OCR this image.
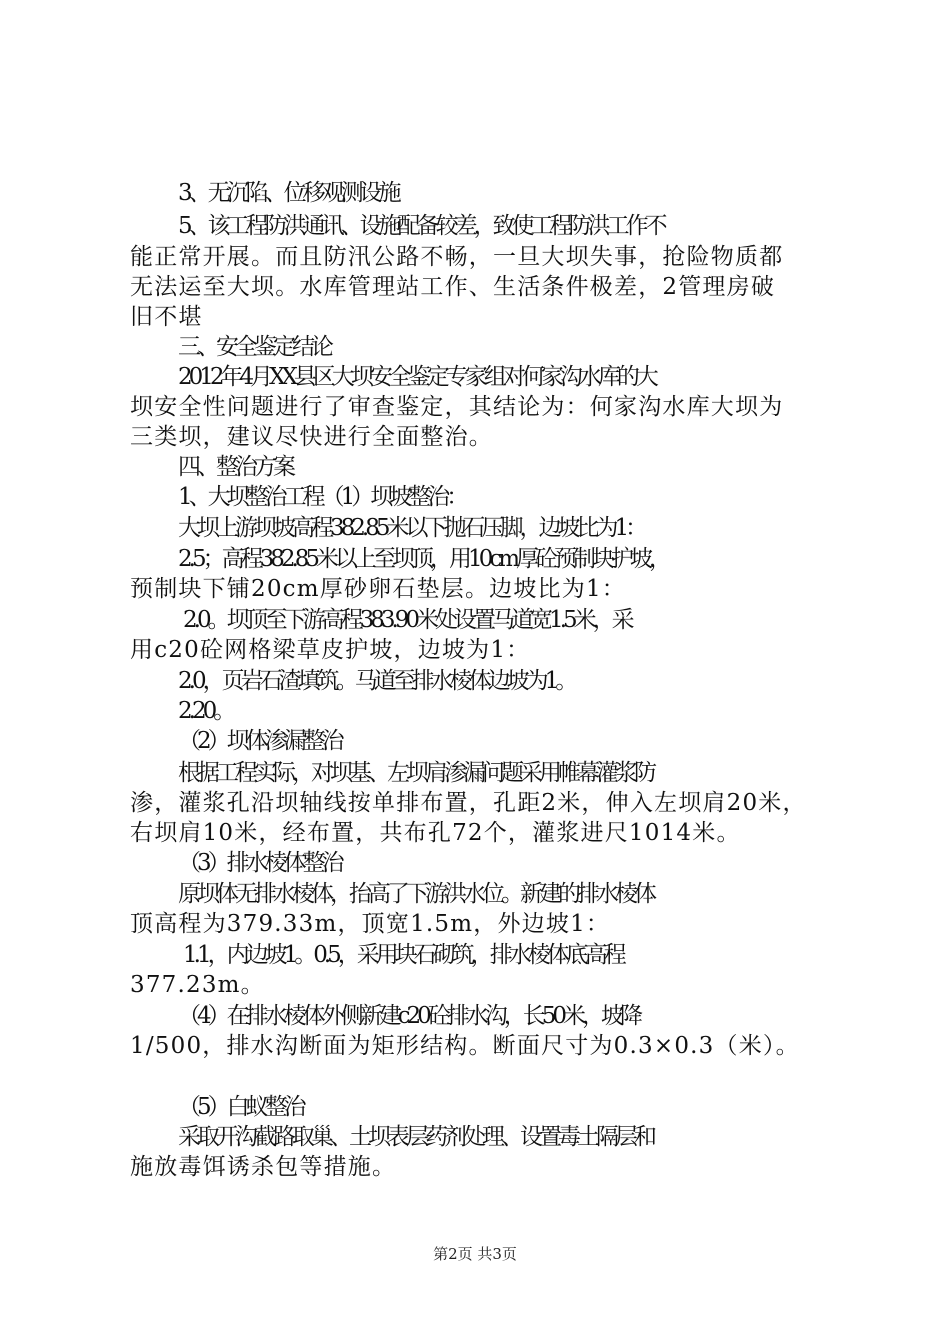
3、无沉陷、位移观测设施
5、该工程防洪通讯、设施配备较差，致使工程防洪工作不
能正常开展。而且防汛公路不畅，一旦大坝失事，抢险物质都
无法运至大坝。水库管理站工作、生活条件极差，2管理房破
旧不堪
三、安全鉴定结论
2012年4月XX县区大坝安全鉴定专家组对何家沟水库的大
坝安全性问题进行了审查鉴定，其结论为：何家沟水库大坝为
三类坝，建议尽快进行全面整治。
四、整治方案
1、大坝整治工程（1）坝坡整治：
大坝上游坝坡高程382.85米以下抛石压脚，边坡比为1：
2.5；高程382.85米以上至坝顶，用10cm厚砼预制块护坡，
预制块下铺20cm厚砂卵石垫层。边坡比为1：
2.0。坝顶至下游高程383.90米处设置马道宽1.5米，采
用c20砼网格梁草皮护坡，边坡为1：
2.0，页岩石渣填筑。马道至排水棱体边坡为1。
2.20。
（2）坝体渗漏整治
根据工程实际，对坝基、左坝肩渗漏问题采用帷幕灌浆防
渗，灌浆孔沿坝轴线按单排布置，孔距2米，伸入左坝肩20米，
右坝肩10米，经布置，共布孔72个，灌浆进尺1014米。
（3）排水棱体整治
原坝体无排水棱体，抬高了下游洪水位。新建的排水棱体
顶高程为379.33m，顶宽1.5m，外边坡1：
1.1，内边坡1。0.5，采用块石砌筑，排水棱体底高程
377.23m。
（4）在排水棱体外侧新建c20砼排水沟，长50米，坡降
1/500，排水沟断面为矩形结构。断面尺寸为0.3×0.3（米）。
（5）白蚁整治
采取开沟截路取巢、土坝表层药剂处理、设置毒土隔层和
施放毒饵诱杀包等措施。
第2页 共3页
